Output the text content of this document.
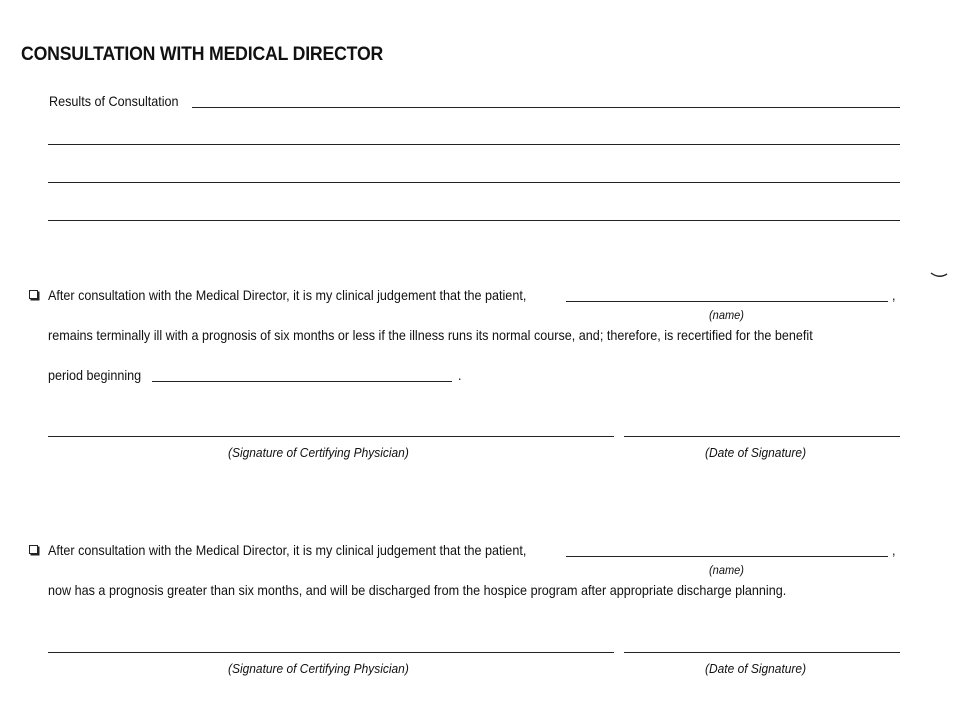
CONSULTATION WITH MEDICAL DIRECTOR
Results of Consultation
After consultation with the Medical Director, it is my clinical judgement that the patient,	,
(name)
remains terminally ill with a prognosis of six months or less if the illness runs its normal course, and; therefore, is recertified for the benefit
period beginning	.
(Signature of Certifying Physician)	(Date of Signature)
After consultation with the Medical Director, it is my clinical judgement that the patient,	,
(name)
now has a prognosis greater than six months, and will be discharged from the hospice program after appropriate discharge planning.
(Signature of Certifying Physician)	(Date of Signature)
